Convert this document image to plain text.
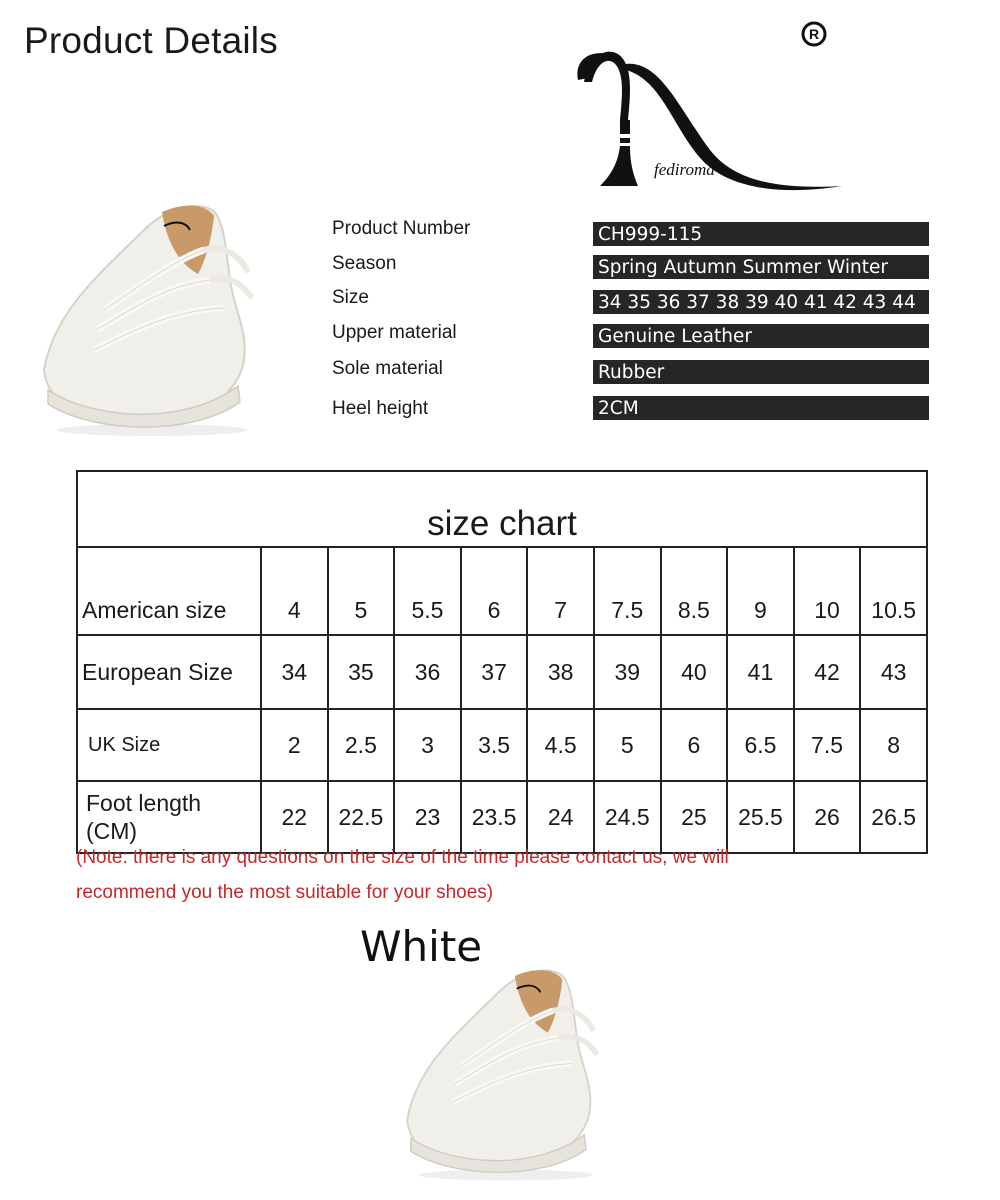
Product Details
fediroma
R
Product Number	CH999-115
Season	Spring Autumn Summer Winter
Size	34 35 36 37 38 39 40 41 42 43 44
Upper material	Genuine Leather
Sole material	Rubber
Heel height	2CM
size chart										
American size	4	5	5.5	6	7	7.5	8.5	9	10	10.5
European Size	34	35	36	37	38	39	40	41	42	43
UK Size	2	2.5	3	3.5	4.5	5	6	6.5	7.5	8
Foot length
(CM)	22	22.5	23	23.5	24	24.5	25	25.5	26	26.5
(Note: there is any questions on the size of the time please contact us, we will
recommend you the most suitable for your shoes)
White
